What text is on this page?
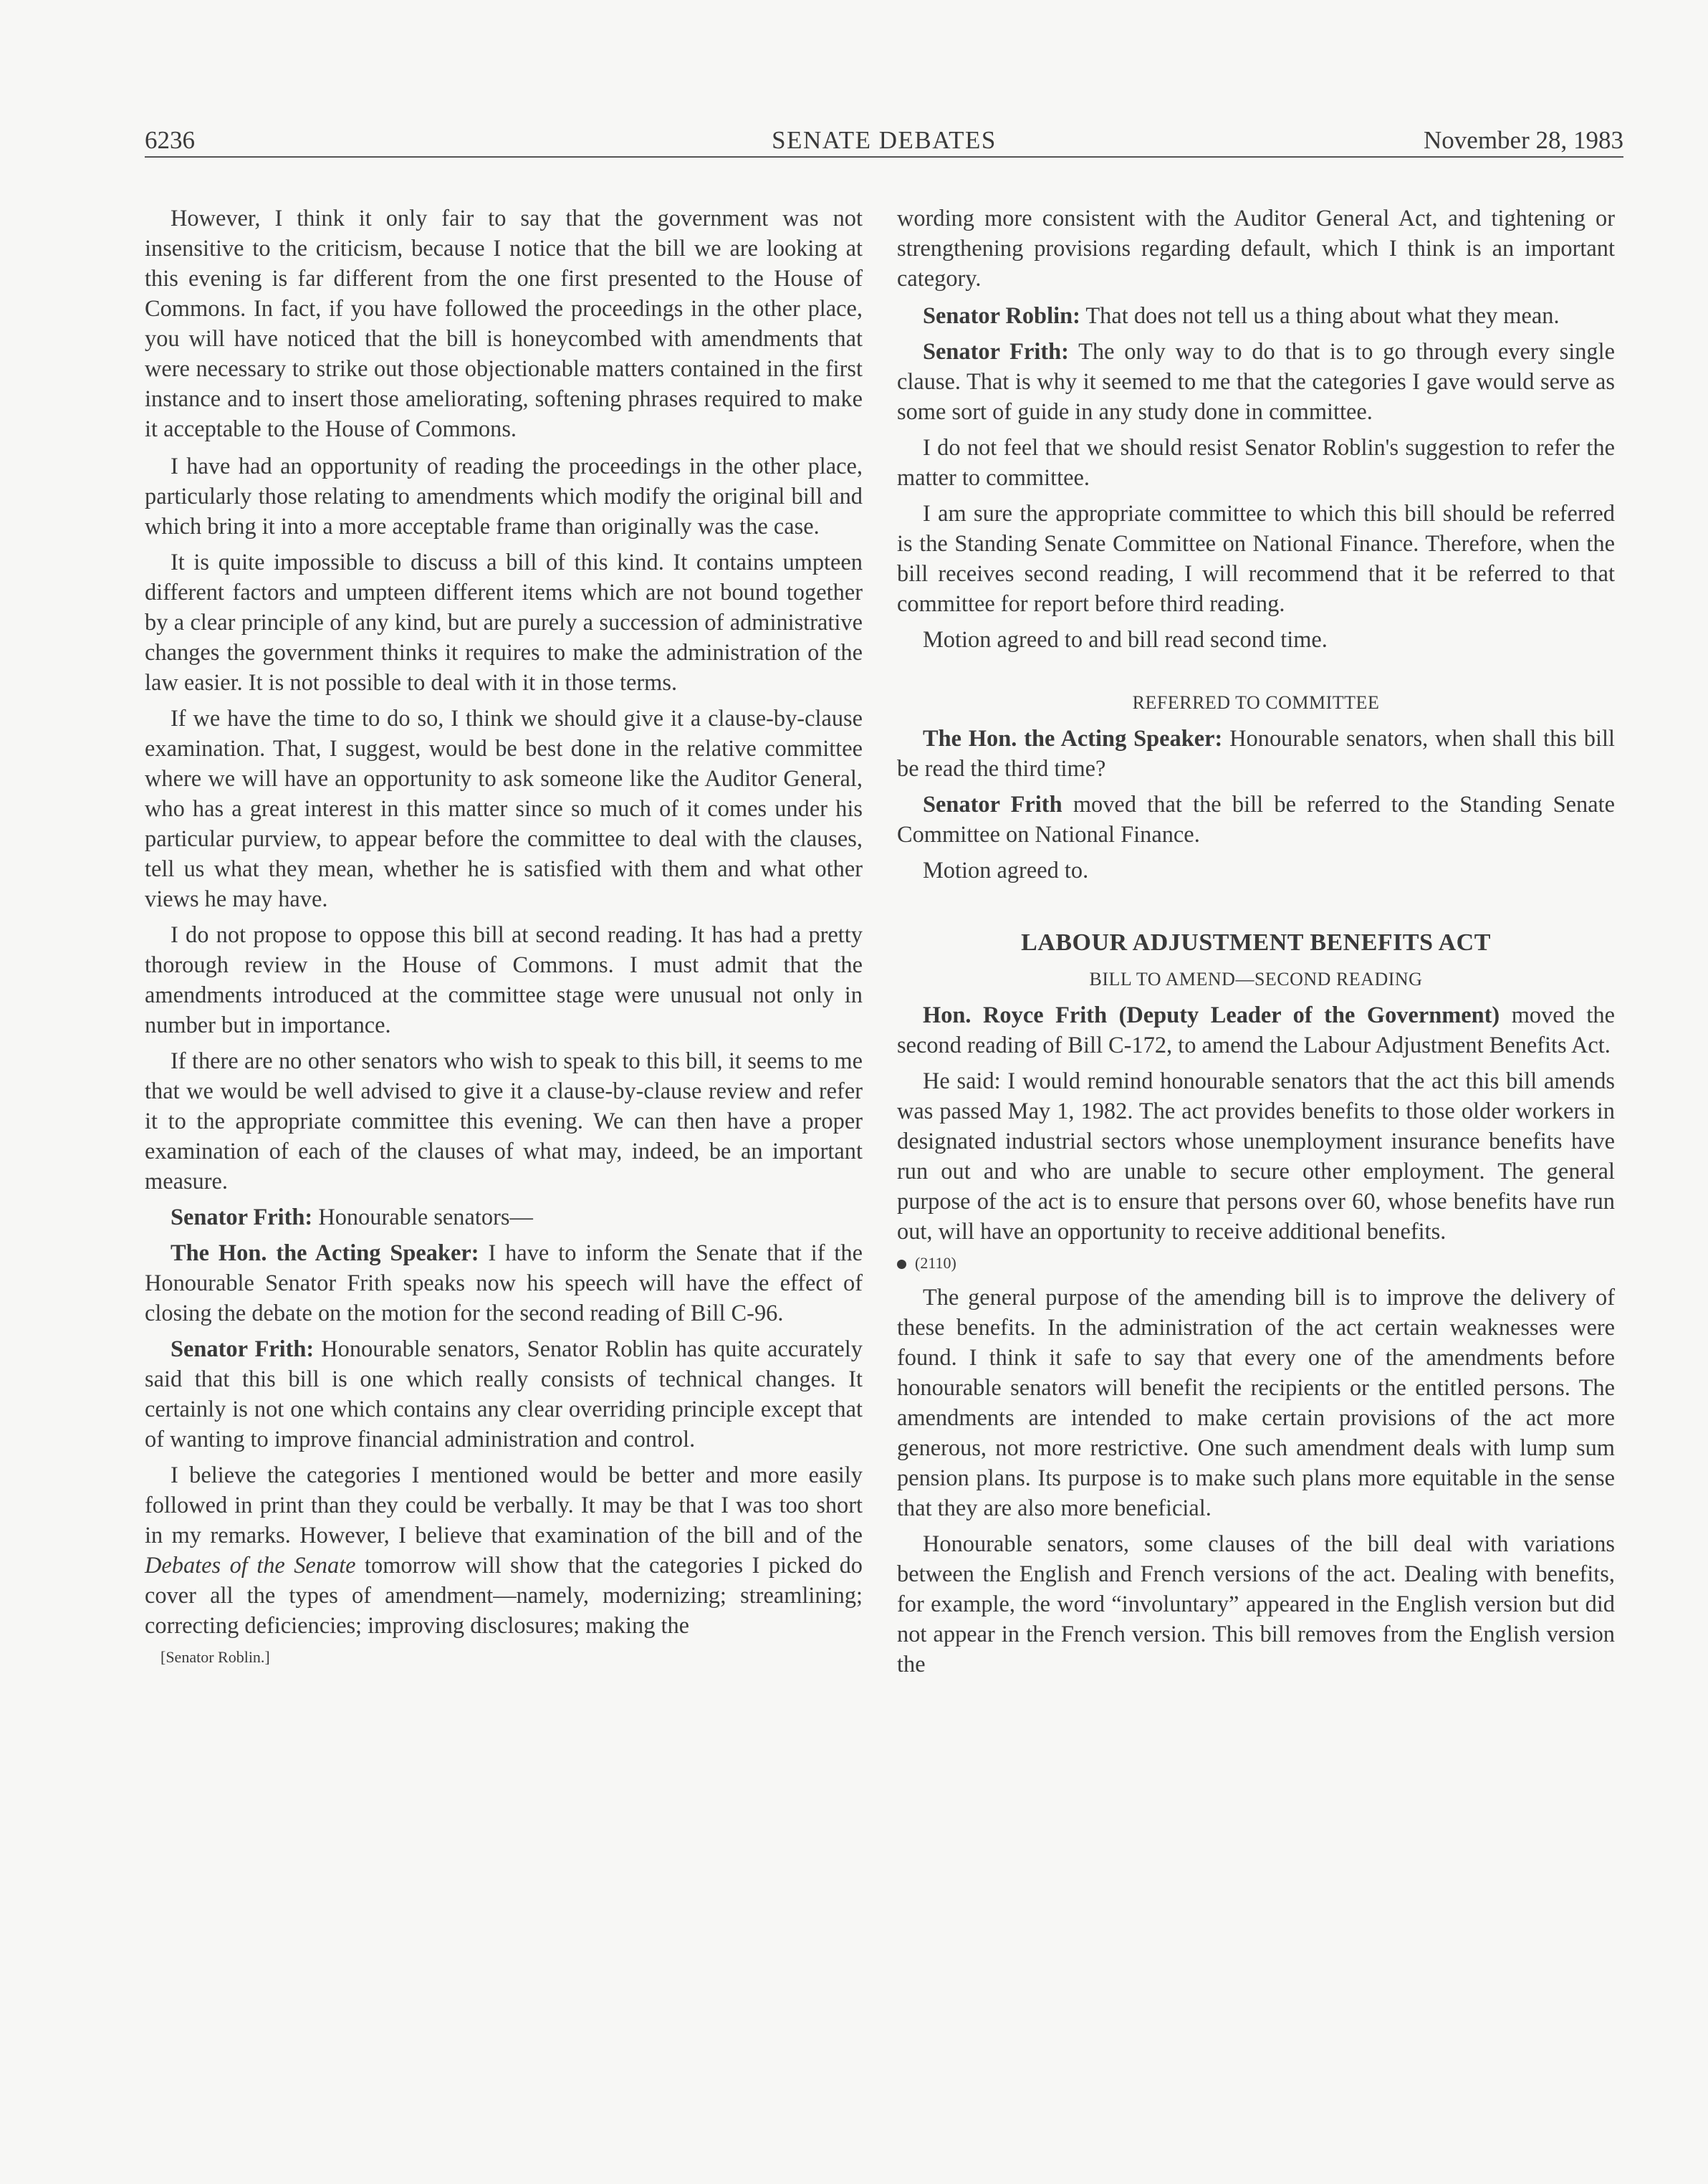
6236	SENATE DEBATES	November 28, 1983

However, I think it only fair to say that the government was not insensitive to the criticism, because I notice that the bill we are looking at this evening is far different from the one first presented to the House of Commons. In fact, if you have followed the proceedings in the other place, you will have noticed that the bill is honeycombed with amendments that were necessary to strike out those objectionable matters contained in the first instance and to insert those ameliorating, softening phrases required to make it acceptable to the House of Commons.

I have had an opportunity of reading the proceedings in the other place, particularly those relating to amendments which modify the original bill and which bring it into a more acceptable frame than originally was the case.

It is quite impossible to discuss a bill of this kind. It contains umpteen different factors and umpteen different items which are not bound together by a clear principle of any kind, but are purely a succession of administrative changes the government thinks it requires to make the administration of the law easier. It is not possible to deal with it in those terms.

If we have the time to do so, I think we should give it a clause-by-clause examination. That, I suggest, would be best done in the relative committee where we will have an opportunity to ask someone like the Auditor General, who has a great interest in this matter since so much of it comes under his particular purview, to appear before the committee to deal with the clauses, tell us what they mean, whether he is satisfied with them and what other views he may have.

I do not propose to oppose this bill at second reading. It has had a pretty thorough review in the House of Commons. I must admit that the amendments introduced at the committee stage were unusual not only in number but in importance.

If there are no other senators who wish to speak to this bill, it seems to me that we would be well advised to give it a clause-by-clause review and refer it to the appropriate committee this evening. We can then have a proper examination of each of the clauses of what may, indeed, be an important measure.

Senator Frith: Honourable senators—

The Hon. the Acting Speaker: I have to inform the Senate that if the Honourable Senator Frith speaks now his speech will have the effect of closing the debate on the motion for the second reading of Bill C-96.

Senator Frith: Honourable senators, Senator Roblin has quite accurately said that this bill is one which really consists of technical changes. It certainly is not one which contains any clear overriding principle except that of wanting to improve financial administration and control.

I believe the categories I mentioned would be better and more easily followed in print than they could be verbally. It may be that I was too short in my remarks. However, I believe that examination of the bill and of the Debates of the Senate tomorrow will show that the categories I picked do cover all the types of amendment—namely, modernizing; streamlining; correcting deficiencies; improving disclosures; making the

[Senator Roblin.]

wording more consistent with the Auditor General Act, and tightening or strengthening provisions regarding default, which I think is an important category.

Senator Roblin: That does not tell us a thing about what they mean.

Senator Frith: The only way to do that is to go through every single clause. That is why it seemed to me that the categories I gave would serve as some sort of guide in any study done in committee.

I do not feel that we should resist Senator Roblin's suggestion to refer the matter to committee.

I am sure the appropriate committee to which this bill should be referred is the Standing Senate Committee on National Finance. Therefore, when the bill receives second reading, I will recommend that it be referred to that committee for report before third reading.

Motion agreed to and bill read second time.

REFERRED TO COMMITTEE

The Hon. the Acting Speaker: Honourable senators, when shall this bill be read the third time?

Senator Frith moved that the bill be referred to the Standing Senate Committee on National Finance.

Motion agreed to.

LABOUR ADJUSTMENT BENEFITS ACT

BILL TO AMEND—SECOND READING

Hon. Royce Frith (Deputy Leader of the Government) moved the second reading of Bill C-172, to amend the Labour Adjustment Benefits Act.

He said: I would remind honourable senators that the act this bill amends was passed May 1, 1982. The act provides benefits to those older workers in designated industrial sectors whose unemployment insurance benefits have run out and who are unable to secure other employment. The general purpose of the act is to ensure that persons over 60, whose benefits have run out, will have an opportunity to receive additional benefits.

(2110)

The general purpose of the amending bill is to improve the delivery of these benefits. In the administration of the act certain weaknesses were found. I think it safe to say that every one of the amendments before honourable senators will benefit the recipients or the entitled persons. The amendments are intended to make certain provisions of the act more generous, not more restrictive. One such amendment deals with lump sum pension plans. Its purpose is to make such plans more equitable in the sense that they are also more beneficial.

Honourable senators, some clauses of the bill deal with variations between the English and French versions of the act. Dealing with benefits, for example, the word “involuntary” appeared in the English version but did not appear in the French version. This bill removes from the English version the
